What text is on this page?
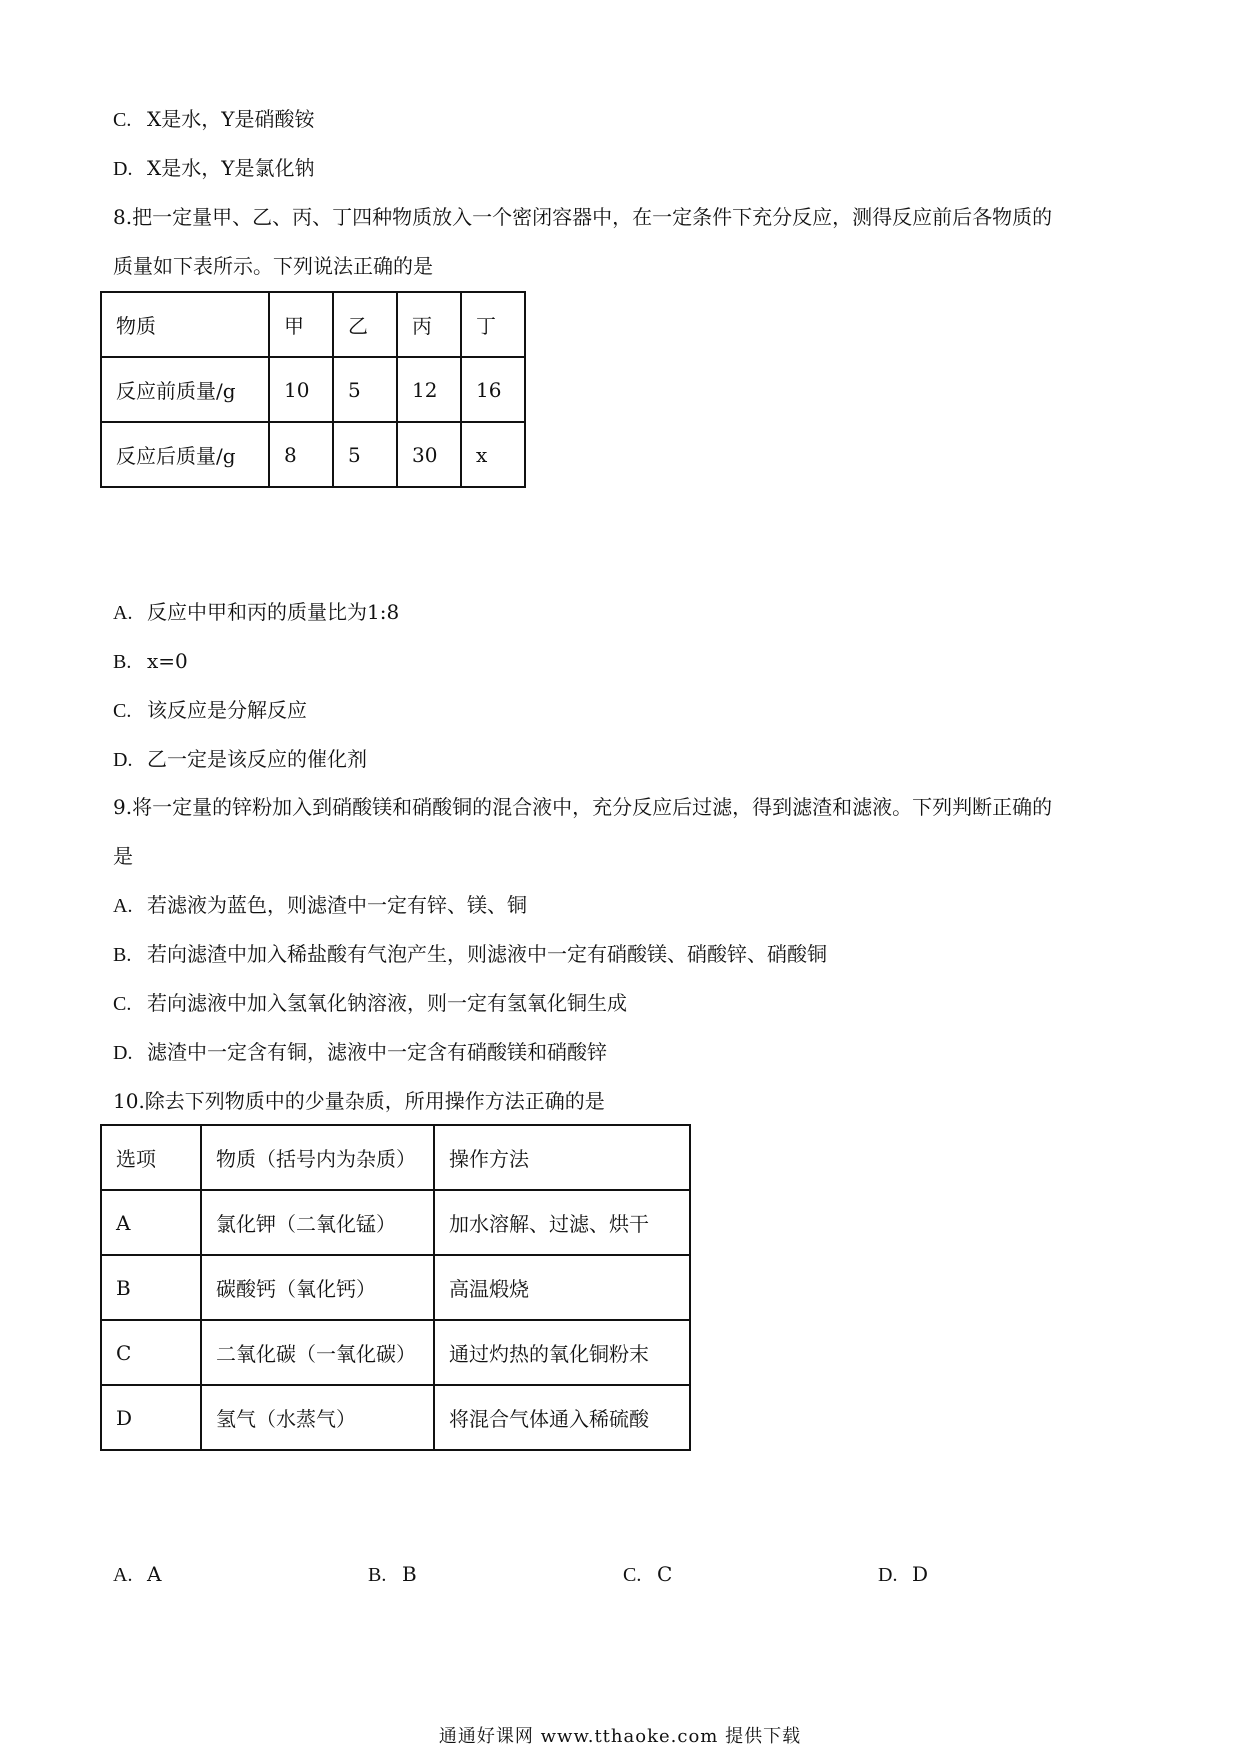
C. X是水，Y是硝酸铵
D. X是水，Y是氯化钠
8.把一定量甲、乙、丙、丁四种物质放入一个密闭容器中，在一定条件下充分反应，测得反应前后各物质的
质量如下表所示。下列说法正确的是
物质	甲	乙	丙	丁
反应前质量/g	10	5	12	16
反应后质量/g	8	5	30	x
A. 反应中甲和丙的质量比为1:8
B. x=0
C. 该反应是分解反应
D. 乙一定是该反应的催化剂
9.将一定量的锌粉加入到硝酸镁和硝酸铜的混合液中，充分反应后过滤，得到滤渣和滤液。下列判断正确的
是
A. 若滤液为蓝色，则滤渣中一定有锌、镁、铜
B. 若向滤渣中加入稀盐酸有气泡产生，则滤液中一定有硝酸镁、硝酸锌、硝酸铜
C. 若向滤液中加入氢氧化钠溶液，则一定有氢氧化铜生成
D. 滤渣中一定含有铜，滤液中一定含有硝酸镁和硝酸锌
10.除去下列物质中的少量杂质，所用操作方法正确的是
选项	物质（括号内为杂质）	操作方法
A	氯化钾（二氧化锰）	加水溶解、过滤、烘干
B	碳酸钙（氧化钙）	高温煅烧
C	二氧化碳（一氧化碳）	通过灼热的氧化铜粉末
D	氢气（水蒸气）	将混合气体通入稀硫酸
A. A	B. B	C. C	D. D
通通好课网 www.tthaoke.com 提供下载
